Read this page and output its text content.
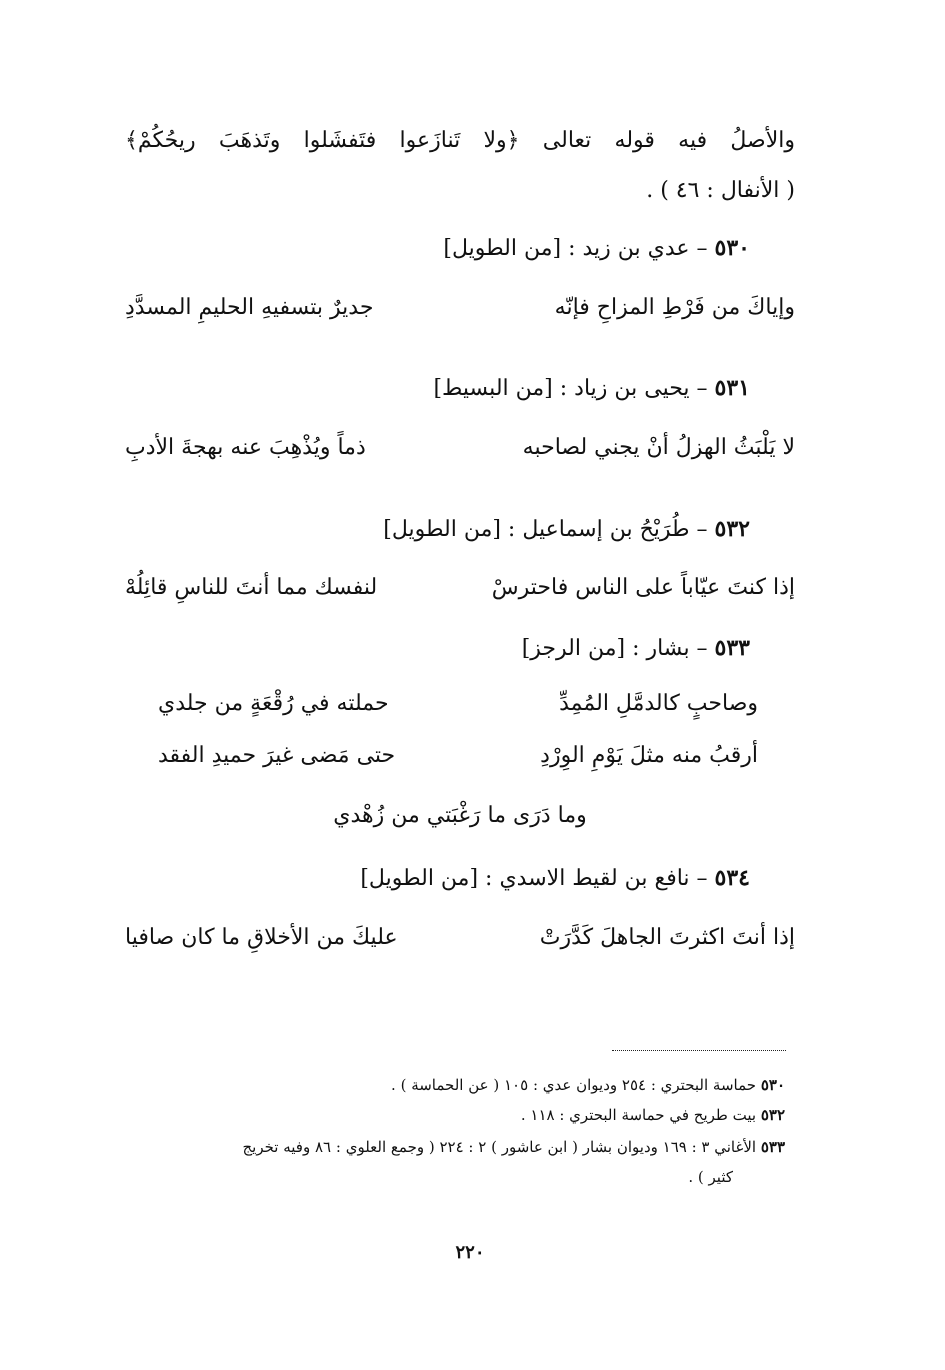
والأصلُ فيه قوله تعالى ﴿ولا تَنازَعوا فتَفشَلوا وتَذهَبَ ريحُكُمْ﴾
( الأنفال : ٤٦ ) .
٥٣٠ – عدي بن زيد : [من الطويل]
وإياكَ من فَرْطِ المزاحِ فإنّه
جديرٌ بتسفيهِ الحليمِ المسدَّدِ
٥٣١ – يحيى بن زياد : [من البسيط]
لا يَلْبَثُ الهزلُ أنْ يجني لصاحبه
ذماً ويُذْهِبَ عنه بهجةَ الأدبِ
٥٣٢ – طُرَيْحُ بن إسماعيل : [من الطويل]
إذا كنتَ عيّاباً على الناس فاحترسْ
لنفسك مما أنتَ للناسِ قائِلُهْ
٥٣٣ – بشار : [من الرجز]
وصاحبٍ كالدمَّلِ المُمِدِّ
حملته في رُقْعَةٍ من جلدي
أرقبُ منه مثلَ يَوْمِ الوِرْدِ
حتى مَضى غيرَ حميدِ الفقد
وما دَرَى ما رَغْبَتي من زُهْدي
٥٣٤ – نافع بن لقيط الاسدي : [من الطويل]
إذا أنتَ اكثرتَ الجاهلَ كَدَّرَتْ
عليكَ من الأخلاقِ ما كان صافيا
٥٣٠ حماسة البحتري : ٢٥٤ وديوان عدي : ١٠٥ ( عن الحماسة ) .
٥٣٢ بيت طريح في حماسة البحتري : ١١٨ .
٥٣٣ الأغاني ٣ : ١٦٩ وديوان بشار ( ابن عاشور ) ٢ : ٢٢٤ ( وجمع العلوي : ٨٦ وفيه تخريج
كثير ) .
٢٢٠
